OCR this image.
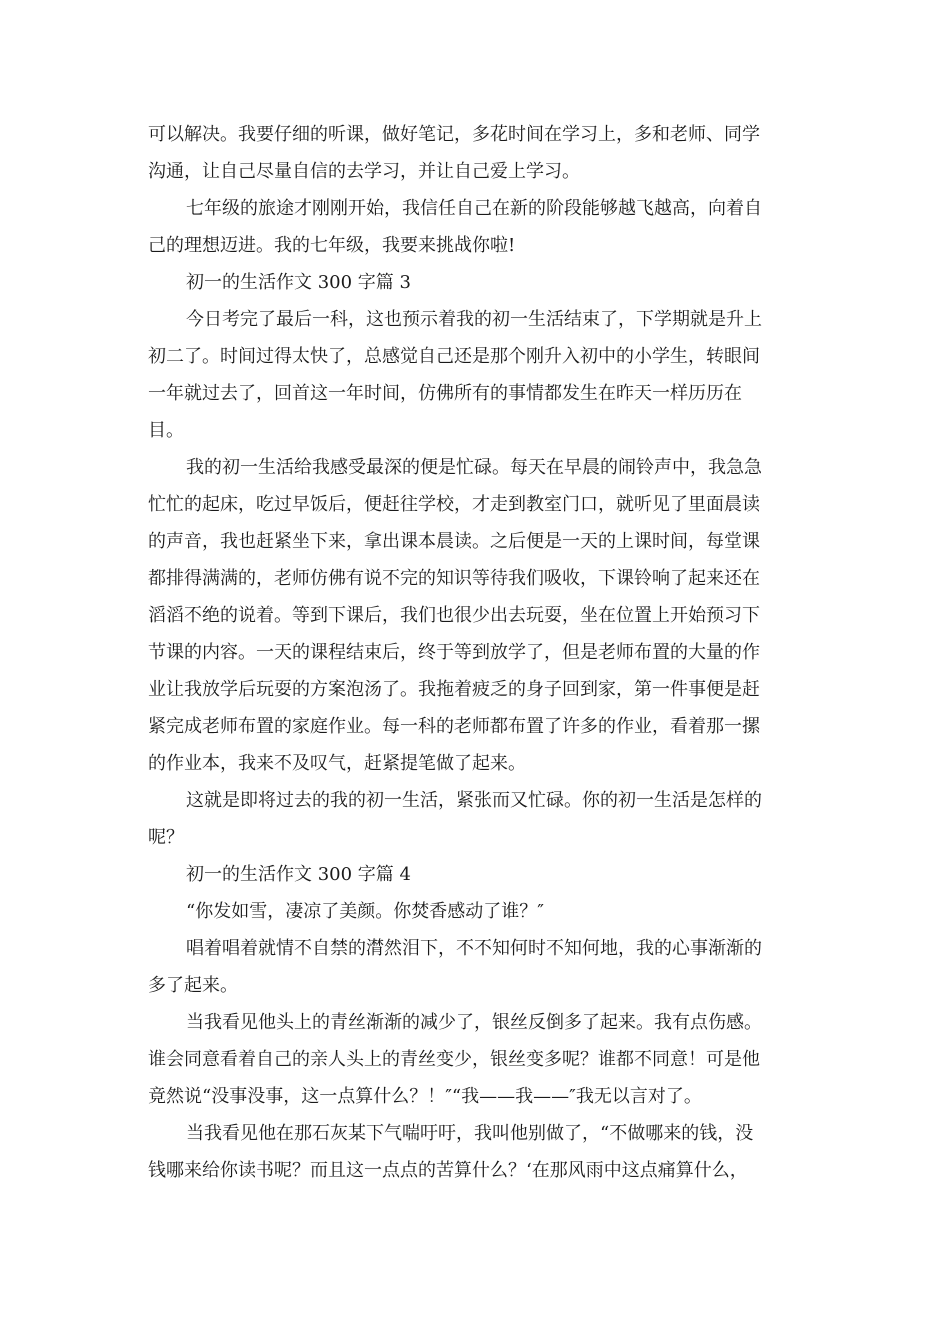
可以解决。我要仔细的听课，做好笔记，多花时间在学习上，多和老师、同学
沟通，让自己尽量自信的去学习，并让自己爱上学习。
七年级的旅途才刚刚开始，我信任自己在新的阶段能够越飞越高，向着自
己的理想迈进。我的七年级，我要来挑战你啦!
初一的生活作文 300 字篇 3
今日考完了最后一科，这也预示着我的初一生活结束了，下学期就是升上
初二了。时间过得太快了，总感觉自己还是那个刚升入初中的小学生，转眼间
一年就过去了，回首这一年时间，仿佛所有的事情都发生在昨天一样历历在
目。
我的初一生活给我感受最深的便是忙碌。每天在早晨的闹铃声中，我急急
忙忙的起床，吃过早饭后，便赶往学校，才走到教室门口，就听见了里面晨读
的声音，我也赶紧坐下来，拿出课本晨读。之后便是一天的上课时间，每堂课
都排得满满的，老师仿佛有说不完的知识等待我们吸收，下课铃响了起来还在
滔滔不绝的说着。等到下课后，我们也很少出去玩耍，坐在位置上开始预习下
节课的内容。一天的课程结束后，终于等到放学了，但是老师布置的大量的作
业让我放学后玩耍的方案泡汤了。我拖着疲乏的身子回到家，第一件事便是赶
紧完成老师布置的家庭作业。每一科的老师都布置了许多的作业，看着那一摞
的作业本，我来不及叹气，赶紧提笔做了起来。
这就是即将过去的我的初一生活，紧张而又忙碌。你的初一生活是怎样的
呢？
初一的生活作文 300 字篇 4
“你发如雪，凄凉了美颜。你焚香感动了谁？″
唱着唱着就情不自禁的潸然泪下，不不知何时不知何地，我的心事渐渐的
多了起来。
当我看见他头上的青丝渐渐的减少了，银丝反倒多了起来。我有点伤感。
谁会同意看着自己的亲人头上的青丝变少，银丝变多呢？谁都不同意！可是他
竟然说“没事没事，这一点算什么？！″“我——我——″我无以言对了。
当我看见他在那石灰某下气喘吁吁，我叫他别做了，“不做哪来的钱，没
钱哪来给你读书呢？而且这一点点的苦算什么？‘在那风雨中这点痛算什么，
